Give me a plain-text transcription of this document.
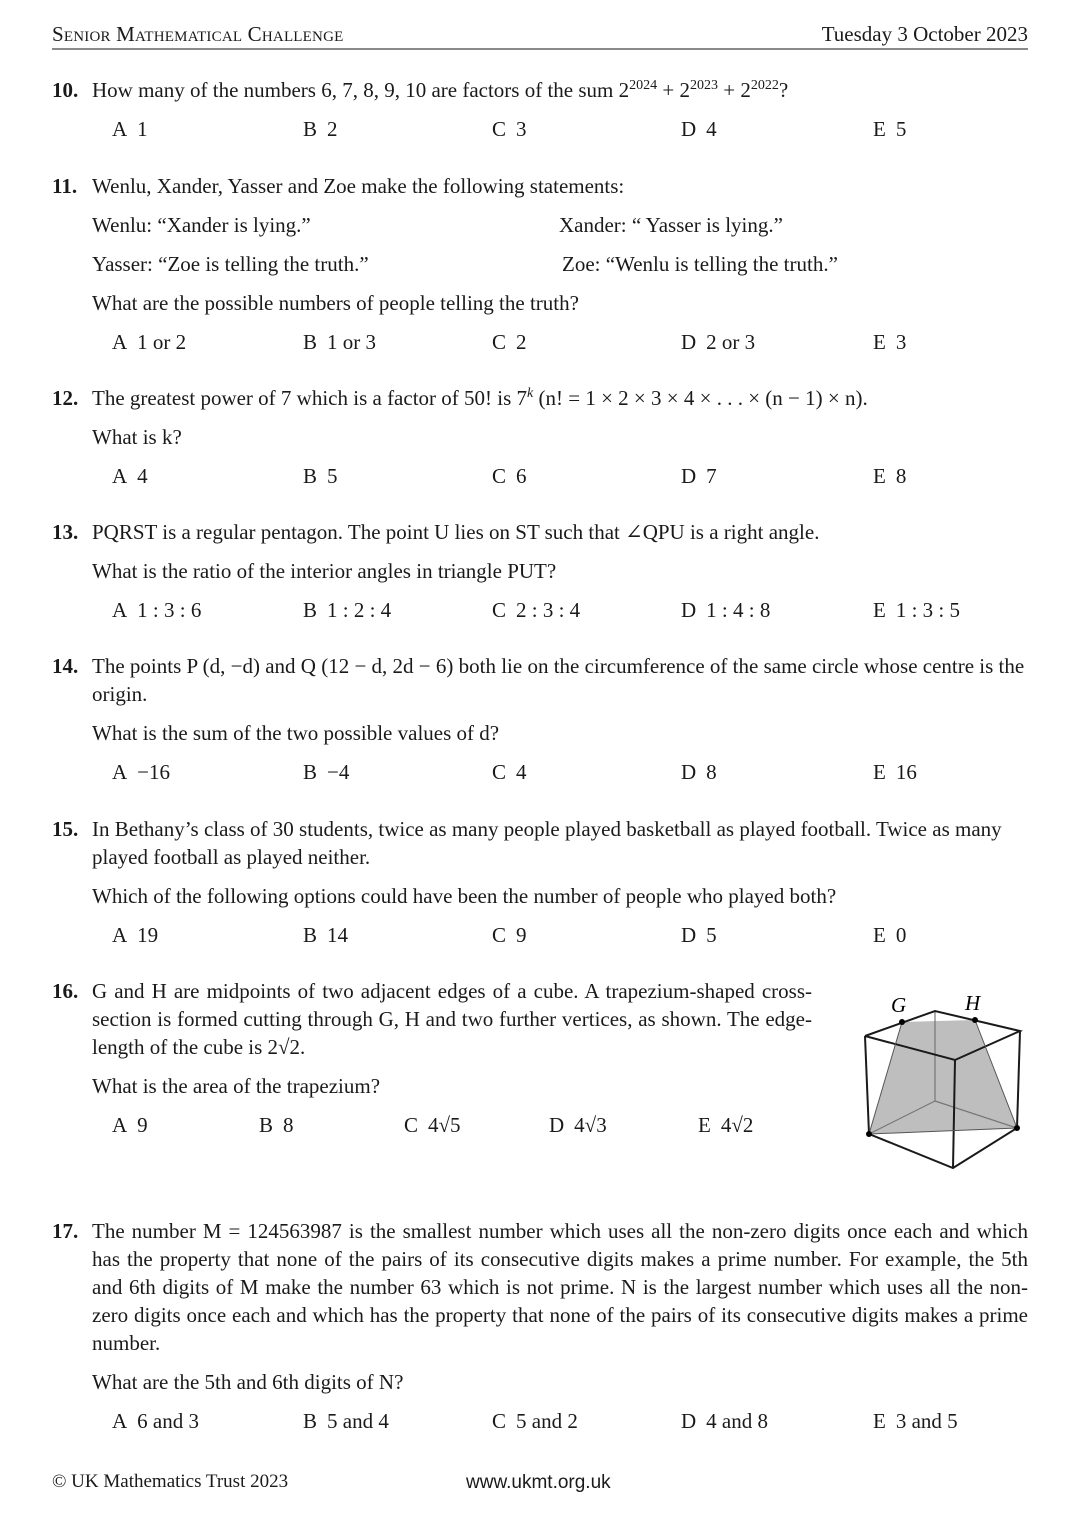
Senior Mathematical Challenge	Tuesday 3 October 2023
10. How many of the numbers 6, 7, 8, 9, 10 are factors of the sum $2^{2024} + 2^{2023} + 2^{2022}$?
A 1	B 2	C 3	D 4	E 5
11. Wenlu, Xander, Yasser and Zoe make the following statements:
Wenlu: “Xander is lying.”	Xander: “ Yasser is lying.”
Yasser: “Zoe is telling the truth.”	Zoe: “Wenlu is telling the truth.”
What are the possible numbers of people telling the truth?
A 1 or 2	B 1 or 3	C 2	D 2 or 3	E 3
12. The greatest power of 7 which is a factor of 50! is 7$^k$ (n! = 1 × 2 × 3 × 4 × . . . × (n − 1) × n).
What is k?
A 4	B 5	C 6	D 7	E 8
13. PQRST is a regular pentagon. The point U lies on ST such that ∠QPU is a right angle.
What is the ratio of the interior angles in triangle PUT?
A 1 : 3 : 6	B 1 : 2 : 4	C 2 : 3 : 4	D 1 : 4 : 8	E 1 : 3 : 5
14. The points P (d, −d) and Q (12 − d, 2d − 6) both lie on the circumference of the same circle whose centre is the origin.
What is the sum of the two possible values of d?
A −16	B −4	C 4	D 8	E 16
15. In Bethany’s class of 30 students, twice as many people played basketball as played football. Twice as many played football as played neither.
Which of the following options could have been the number of people who played both?
A 19	B 14	C 9	D 5	E 0
16. G and H are midpoints of two adjacent edges of a cube. A trapezium-shaped cross-section is formed cutting through G, H and two further vertices, as shown. The edge-length of the cube is 2√2.
What is the area of the trapezium?
A 9	B 8	C 4√5	D 4√3	E 4√2
G	H
17. The number M = 124563987 is the smallest number which uses all the non-zero digits once each and which has the property that none of the pairs of its consecutive digits makes a prime number. For example, the 5th and 6th digits of M make the number 63 which is not prime. N is the largest number which uses all the non-zero digits once each and which has the property that none of the pairs of its consecutive digits makes a prime number.
What are the 5th and 6th digits of N?
A 6 and 3	B 5 and 4	C 5 and 2	D 4 and 8	E 3 and 5
© UK Mathematics Trust 2023	www.ukmt.org.uk
